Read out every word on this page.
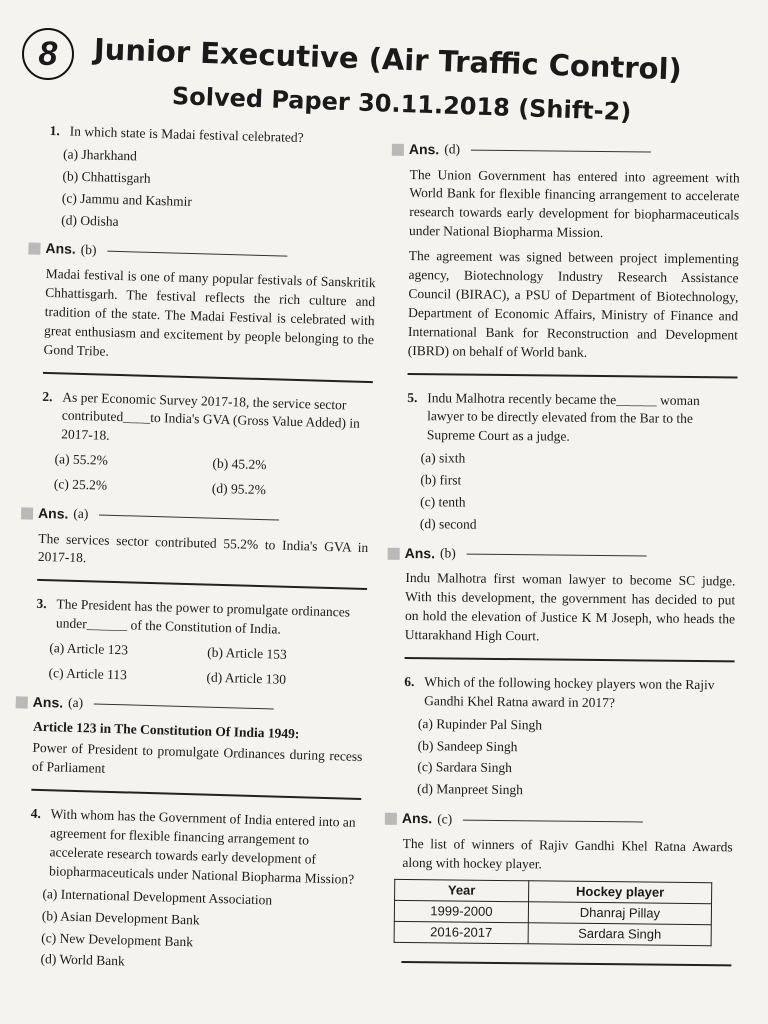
8	Junior Executive (Air Traffic Control)
Solved Paper 30.11.2018 (Shift-2)
1. In which state is Madai festival celebrated?
(a) Jharkhand
(b) Chhattisgarh
(c) Jammu and Kashmir
(d) Odisha
Ans. (b)
Madai festival is one of many popular festivals of Sanskritik Chhattisgarh. The festival reflects the rich culture and tradition of the state. The Madai Festival is celebrated with great enthusiasm and excitement by people belonging to the Gond Tribe.
2. As per Economic Survey 2017-18, the service sector contributed____to India's GVA (Gross Value Added) in 2017-18.
(a) 55.2%	(b) 45.2%
(c) 25.2%	(d) 95.2%
Ans. (a)
The services sector contributed 55.2% to India's GVA in 2017-18.
3. The President has the power to promulgate ordinances under______ of the Constitution of India.
(a) Article 123	(b) Article 153
(c) Article 113	(d) Article 130
Ans. (a)
Article 123 in The Constitution Of India 1949:
Power of President to promulgate Ordinances during recess of Parliament
4. With whom has the Government of India entered into an agreement for flexible financing arrangement to accelerate research towards early development of biopharmaceuticals under National Biopharma Mission?
(a) International Development Association
(b) Asian Development Bank
(c) New Development Bank
(d) World Bank
Ans. (d)
The Union Government has entered into agreement with World Bank for flexible financing arrangement to accelerate research towards early development for biopharmaceuticals under National Biopharma Mission.
The agreement was signed between project implementing agency, Biotechnology Industry Research Assistance Council (BIRAC), a PSU of Department of Biotechnology, Department of Economic Affairs, Ministry of Finance and International Bank for Reconstruction and Development (IBRD) on behalf of World bank.
5. Indu Malhotra recently became the______ woman lawyer to be directly elevated from the Bar to the Supreme Court as a judge.
(a) sixth
(b) first
(c) tenth
(d) second
Ans. (b)
Indu Malhotra first woman lawyer to become SC judge. With this development, the government has decided to put on hold the elevation of Justice K M Joseph, who heads the Uttarakhand High Court.
6. Which of the following hockey players won the Rajiv Gandhi Khel Ratna award in 2017?
(a) Rupinder Pal Singh
(b) Sandeep Singh
(c) Sardara Singh
(d) Manpreet Singh
Ans. (c)
The list of winners of Rajiv Gandhi Khel Ratna Awards along with hockey player.
Year	Hockey player
1999-2000	Dhanraj Pillay
2016-2017	Sardara Singh
